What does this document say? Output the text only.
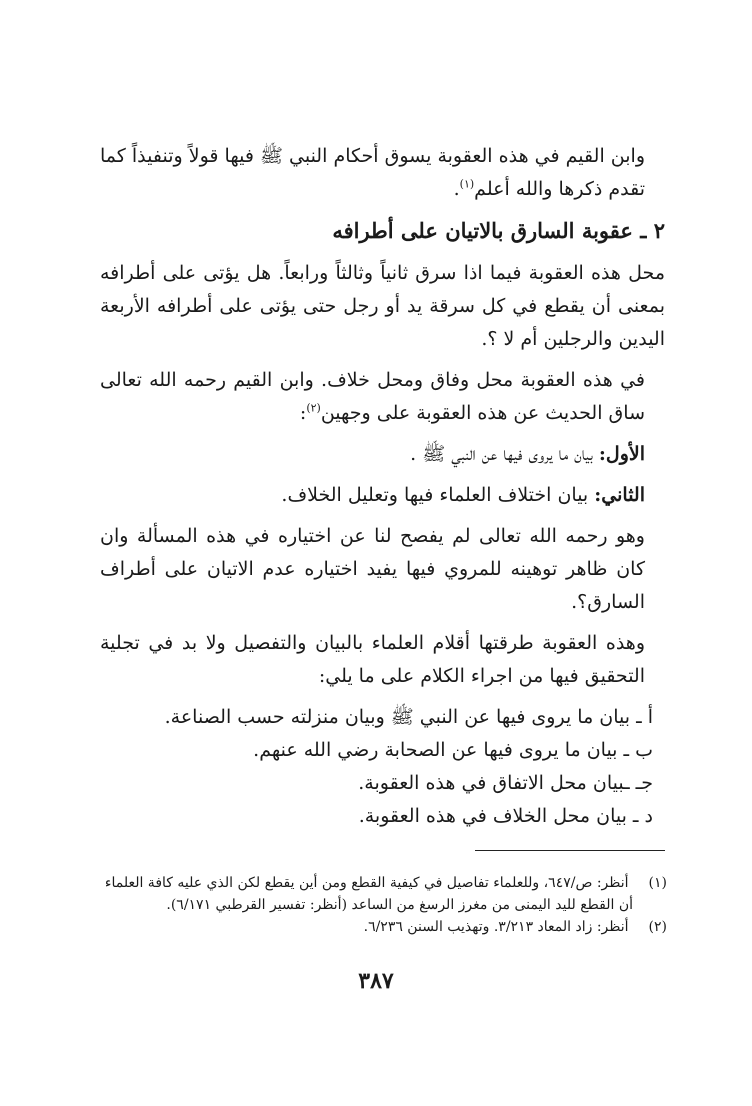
وابن القيم في هذه العقوبة يسوق أحكام النبي ﷺ فيها قولاً وتنفيذاً كما تقدم ذكرها والله أعلم$^{(١)}$.

٢ ـ عقوبة السارق بالاتيان على أطرافه

محل هذه العقوبة فيما اذا سرق ثانياً وثالثاً ورابعاً. هل يؤتى على أطرافه بمعنى أن يقطع في كل سرقة يد أو رجل حتى يؤتى على أطرافه الأربعة اليدين والرجلين أم لا ؟.

في هذه العقوبة محل وفاق ومحل خلاف. وابن القيم رحمه الله تعالى ساق الحديث عن هذه العقوبة على وجهين$^{(٢)}$:

الأول: بيان ما يروى فيها عن النبي ﷺ .

الثاني: بيان اختلاف العلماء فيها وتعليل الخلاف.

وهو رحمه الله تعالى لم يفصح لنا عن اختياره في هذه المسألة وان كان ظاهر توهينه للمروي فيها يفيد اختياره عدم الاتيان على أطراف السارق؟.

وهذه العقوبة طرقتها أقلام العلماء بالبيان والتفصيل ولا بد في تجلية التحقيق فيها من اجراء الكلام على ما يلي:

أ ـ بيان ما يروى فيها عن النبي ﷺ وبيان منزلته حسب الصناعة.

ب ـ بيان ما يروى فيها عن الصحابة رضي الله عنهم.

جـ ـبيان محل الاتفاق في هذه العقوبة.

د ـ بيان محل الخلاف في هذه العقوبة.

(١) أنظر: ص/٦٤٧، وللعلماء تفاصيل في كيفية القطع ومن أين يقطع لكن الذي عليه كافة العلماء

أن القطع لليد اليمنى من مغرز الرسغ من الساعد (أنظر: تفسير القرطبي ٦/١٧١).

(٢) أنظر: زاد المعاد ٣/٢١٣. وتهذيب السنن ٦/٢٣٦.

٣٨٧
